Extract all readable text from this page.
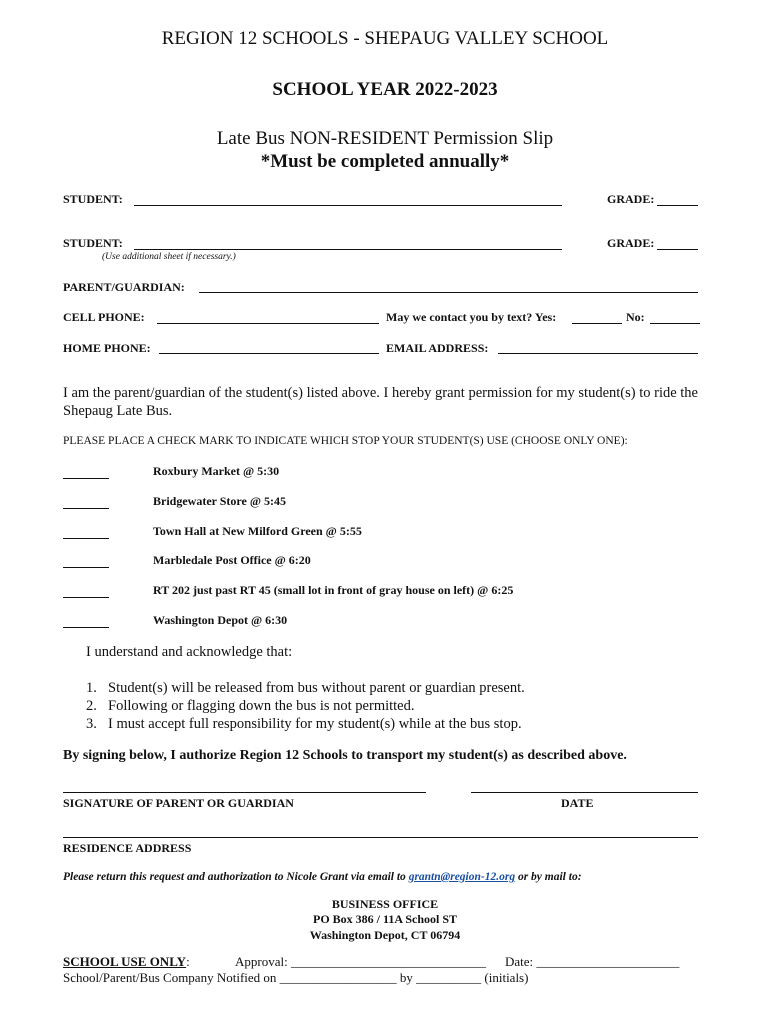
REGION 12 SCHOOLS - SHEPAUG VALLEY SCHOOL
SCHOOL YEAR 2022-2023
Late Bus NON-RESIDENT Permission Slip
*Must be completed annually*
STUDENT:	GRADE:
STUDENT:	GRADE:
(Use additional sheet if necessary.)
PARENT/GUARDIAN:
CELL PHONE:	May we contact you by text? Yes:	No:
HOME PHONE:	EMAIL ADDRESS:
I am the parent/guardian of the student(s) listed above. I hereby grant permission for my student(s) to ride the Shepaug Late Bus.
PLEASE PLACE A CHECK MARK TO INDICATE WHICH STOP YOUR STUDENT(S) USE (CHOOSE ONLY ONE):
Roxbury Market @ 5:30
Bridgewater Store @ 5:45
Town Hall at New Milford Green @ 5:55
Marbledale Post Office @ 6:20
RT 202 just past RT 45 (small lot in front of gray house on left) @ 6:25
Washington Depot @ 6:30
I understand and acknowledge that:
1. Student(s) will be released from bus without parent or guardian present.
2. Following or flagging down the bus is not permitted.
3. I must accept full responsibility for my student(s) while at the bus stop.
By signing below, I authorize Region 12 Schools to transport my student(s) as described above.
SIGNATURE OF PARENT OR GUARDIAN	DATE
RESIDENCE ADDRESS
Please return this request and authorization to Nicole Grant via email to grantn@region-12.org or by mail to:
BUSINESS OFFICE
PO Box 386 / 11A School ST
Washington Depot, CT 06794
SCHOOL USE ONLY:	Approval: ______________________________ Date: ______________________
School/Parent/Bus Company Notified on __________________ by __________ (initials)
